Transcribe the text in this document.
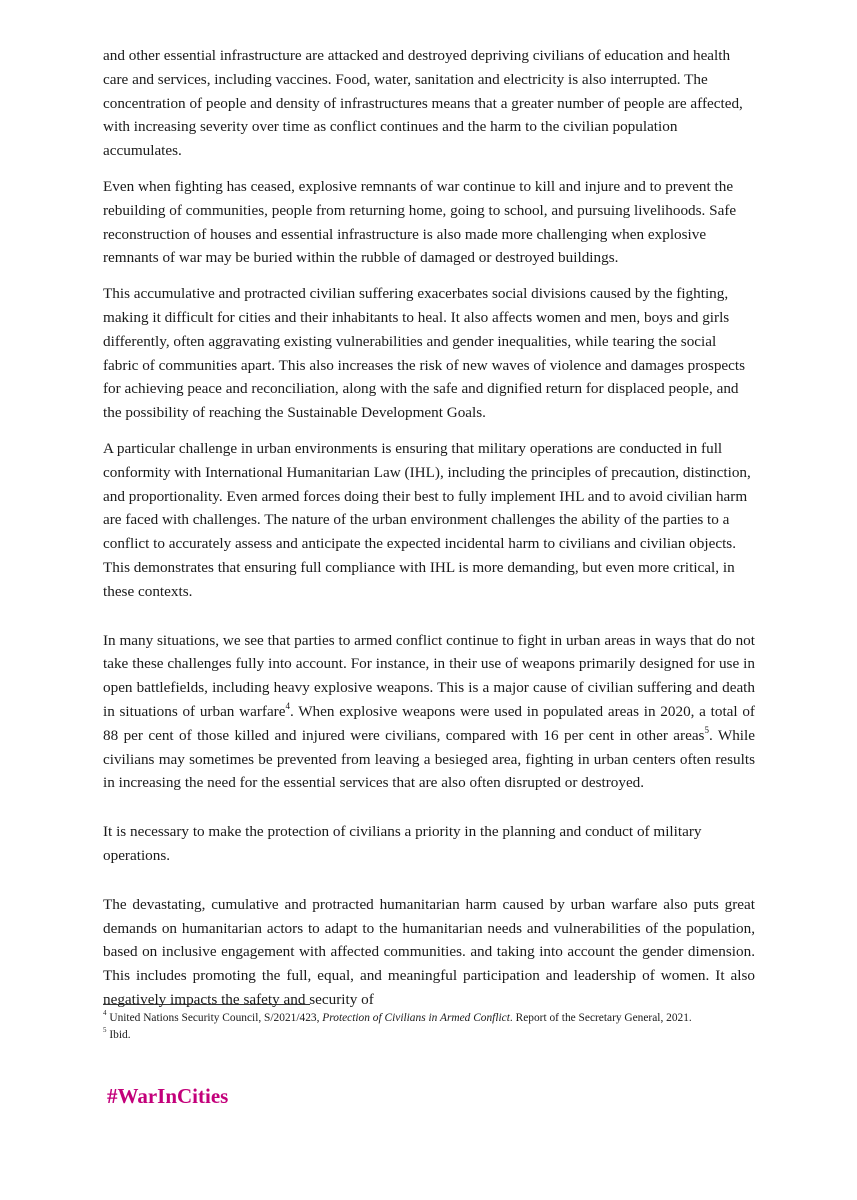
and other essential infrastructure are attacked and destroyed depriving civilians of education and health care and services, including vaccines. Food, water, sanitation and electricity is also interrupted. The concentration of people and density of infrastructures means that a greater number of people are affected, with increasing severity over time as conflict continues and the harm to the civilian population accumulates.

Even when fighting has ceased, explosive remnants of war continue to kill and injure and to prevent the rebuilding of communities, people from returning home, going to school, and pursuing livelihoods. Safe reconstruction of houses and essential infrastructure is also made more challenging when explosive remnants of war may be buried within the rubble of damaged or destroyed buildings.

This accumulative and protracted civilian suffering exacerbates social divisions caused by the fighting, making it difficult for cities and their inhabitants to heal. It also affects women and men, boys and girls differently, often aggravating existing vulnerabilities and gender inequalities, while tearing the social fabric of communities apart. This also increases the risk of new waves of violence and damages prospects for achieving peace and reconciliation, along with the safe and dignified return for displaced people, and the possibility of reaching the Sustainable Development Goals.

A particular challenge in urban environments is ensuring that military operations are conducted in full conformity with International Humanitarian Law (IHL), including the principles of precaution, distinction, and proportionality. Even armed forces doing their best to fully implement IHL and to avoid civilian harm are faced with challenges. The nature of the urban environment challenges the ability of the parties to a conflict to accurately assess and anticipate the expected incidental harm to civilians and civilian objects. This demonstrates that ensuring full compliance with IHL is more demanding, but even more critical, in these contexts.

In many situations, we see that parties to armed conflict continue to fight in urban areas in ways that do not take these challenges fully into account. For instance, in their use of weapons primarily designed for use in open battlefields, including heavy explosive weapons. This is a major cause of civilian suffering and death in situations of urban warfare$^4$. When explosive weapons were used in populated areas in 2020, a total of 88 per cent of those killed and injured were civilians, compared with 16 per cent in other areas$^5$. While civilians may sometimes be prevented from leaving a besieged area, fighting in urban centers often results in increasing the need for the essential services that are also often disrupted or destroyed.

It is necessary to make the protection of civilians a priority in the planning and conduct of military operations.

The devastating, cumulative and protracted humanitarian harm caused by urban warfare also puts great demands on humanitarian actors to adapt to the humanitarian needs and vulnerabilities of the population, based on inclusive engagement with affected communities. and taking into account the gender dimension. This includes promoting the full, equal, and meaningful participation and leadership of women. It also negatively impacts the safety and security of

$^4$ United Nations Security Council, S/2021/423, Protection of Civilians in Armed Conflict. Report of the Secretary General, 2021.

$^5$ Ibid.

#WarInCities
